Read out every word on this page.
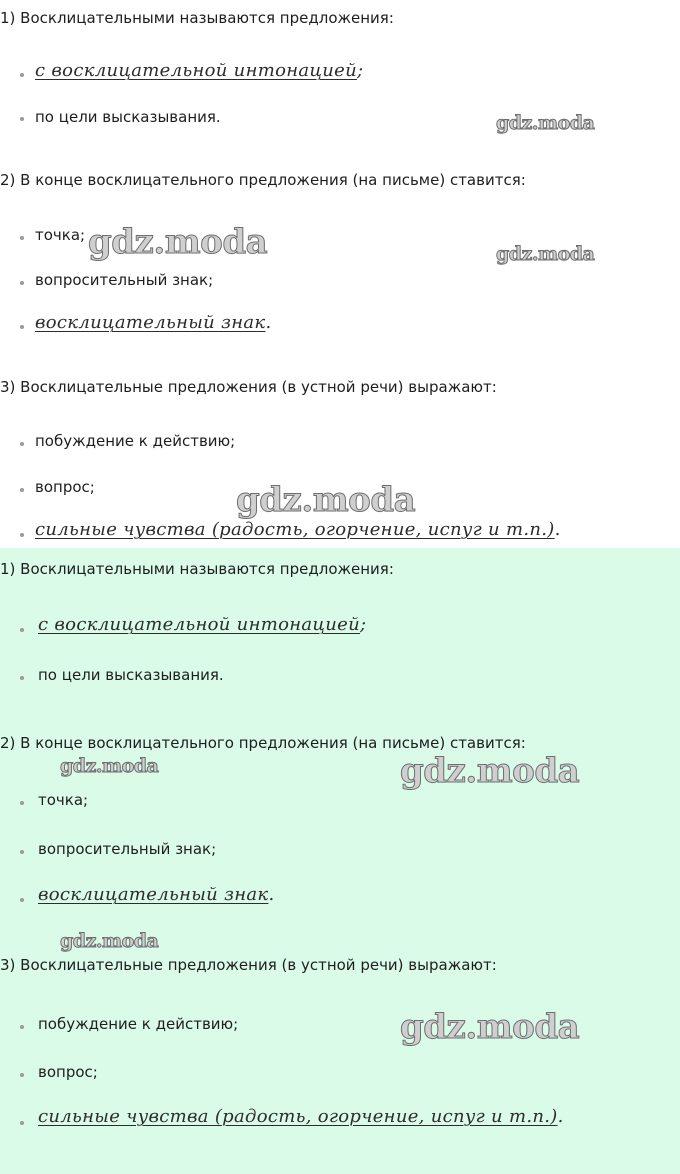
1) Восклицательными называются предложения:
с восклицательной интонацией;
по цели высказывания.
2) В конце восклицательного предложения (на письме) ставится:
точка;
вопросительный знак;
восклицательный знак.
3) Восклицательные предложения (в устной речи) выражают:
побуждение к действию;
вопрос;
сильные чувства (радость, огорчение, испуг и т.п.).
1) Восклицательными называются предложения:
с восклицательной интонацией;
по цели высказывания.
2) В конце восклицательного предложения (на письме) ставится:
точка;
вопросительный знак;
восклицательный знак.
3) Восклицательные предложения (в устной речи) выражают:
побуждение к действию;
вопрос;
сильные чувства (радость, огорчение, испуг и т.п.).
gdz.moda
gdz.moda	gdz.moda
gdz.moda
gdz.moda	gdz.moda
gdz.moda
gdz.moda
